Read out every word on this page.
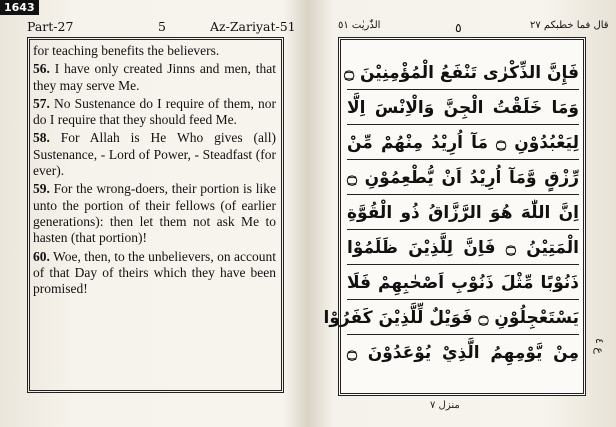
1643
Part-27	5	Az-Zariyat-51

for teaching benefits the believers.

56. I have only created Jinns and men, that they may serve Me.

57. No Sustenance do I require of them, nor do I require that they should feed Me.

58. For Allah is He Who gives (all) Sustenance, - Lord of Power, - Steadfast (for ever).

59. For the wrong-doers, their portion is like unto the portion of their fellows (of earlier generations): then let them not ask Me to hasten (that portion)!

60. Woe, then, to the unbelievers, on account of that Day of theirs which they have been promised!

قال فما خطبكم ٢٧
٥
الذّٰريٰت ٥١
فَإِنَّ الذِّكْرٰى تَنْفَعُ الْمُؤْمِنِيْنَ ۝
وَمَا خَلَقْتُ الْجِنَّ وَالْاِنْسَ اِلَّا
لِيَعْبُدُوْنِ ۝ مَآ اُرِيْدُ مِنْهُمْ مِّنْ
رِّزْقٍ وَّمَآ اُرِيْدُ اَنْ يُّطْعِمُوْنِ ۝
اِنَّ اللّٰهَ هُوَ الرَّزَّاقُ ذُو الْقُوَّةِ
الْمَتِيْنُ ۝ فَاِنَّ لِلَّذِيْنَ ظَلَمُوْا
ذَنُوْبًا مِّثْلَ ذَنُوْبِ اَصْحٰبِهِمْ فَلَا
يَسْتَعْجِلُوْنِ ۝ فَوَيْلٌ لِّلَّذِيْنَ كَفَرُوْا
مِنْ يَّوْمِهِمُ الَّذِيْ يُوْعَدُوْنَ ۝
ع ٤
منزل ٧
